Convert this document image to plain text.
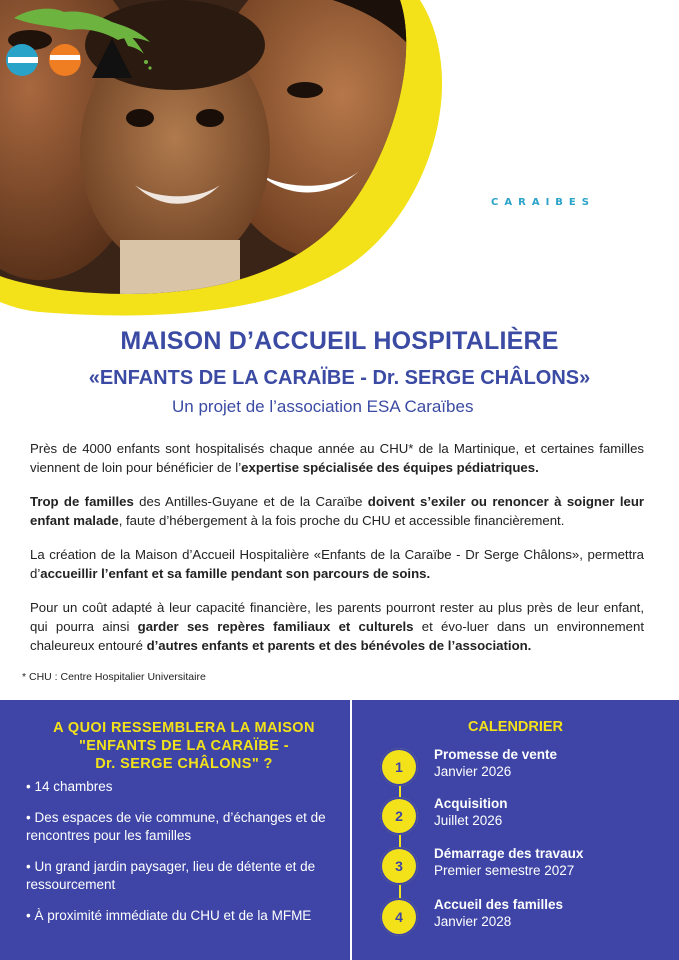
CARAIBES
MAISON D’ACCUEIL HOSPITALIÈRE
«ENFANTS DE LA CARAÏBE - Dr. SERGE CHÂLONS»
Un projet de l’association ESA Caraïbes

Près de 4000 enfants sont hospitalisés chaque année au CHU* de la Martinique, et certaines familles viennent de loin pour bénéficier de l’expertise spécialisée des équipes pédiatriques.

Trop de familles des Antilles-Guyane et de la Caraïbe doivent s’exiler ou renoncer à soigner leur enfant malade, faute d’hébergement à la fois proche du CHU et accessible financièrement.

La création de la Maison d’Accueil Hospitalière «Enfants de la Caraïbe - Dr Serge Châlons», permettra d’accueillir l’enfant et sa famille pendant son parcours de soins.

Pour un coût adapté à leur capacité financière, les parents pourront rester au plus près de leur enfant, qui pourra ainsi garder ses repères familiaux et culturels et évo-luer dans un environnement chaleureux entouré d’autres enfants et parents et des bénévoles de l’association.

* CHU : Centre Hospitalier Universitaire
A QUOI RESSEMBLERA LA MAISON
"ENFANTS DE LA CARAÏBE -
Dr. SERGE CHÂLONS" ?
• 14 chambres
• Des espaces de vie commune, d’échanges et de rencontres pour les familles
• Un grand jardin paysager, lieu de détente et de ressourcement
• À proximité immédiate du CHU et de la MFME
CALENDRIER
1
Promesse de vente
Janvier 2026
2
Acquisition
Juillet 2026
3
Démarrage des travaux
Premier semestre 2027
4
Accueil des familles
Janvier 2028
